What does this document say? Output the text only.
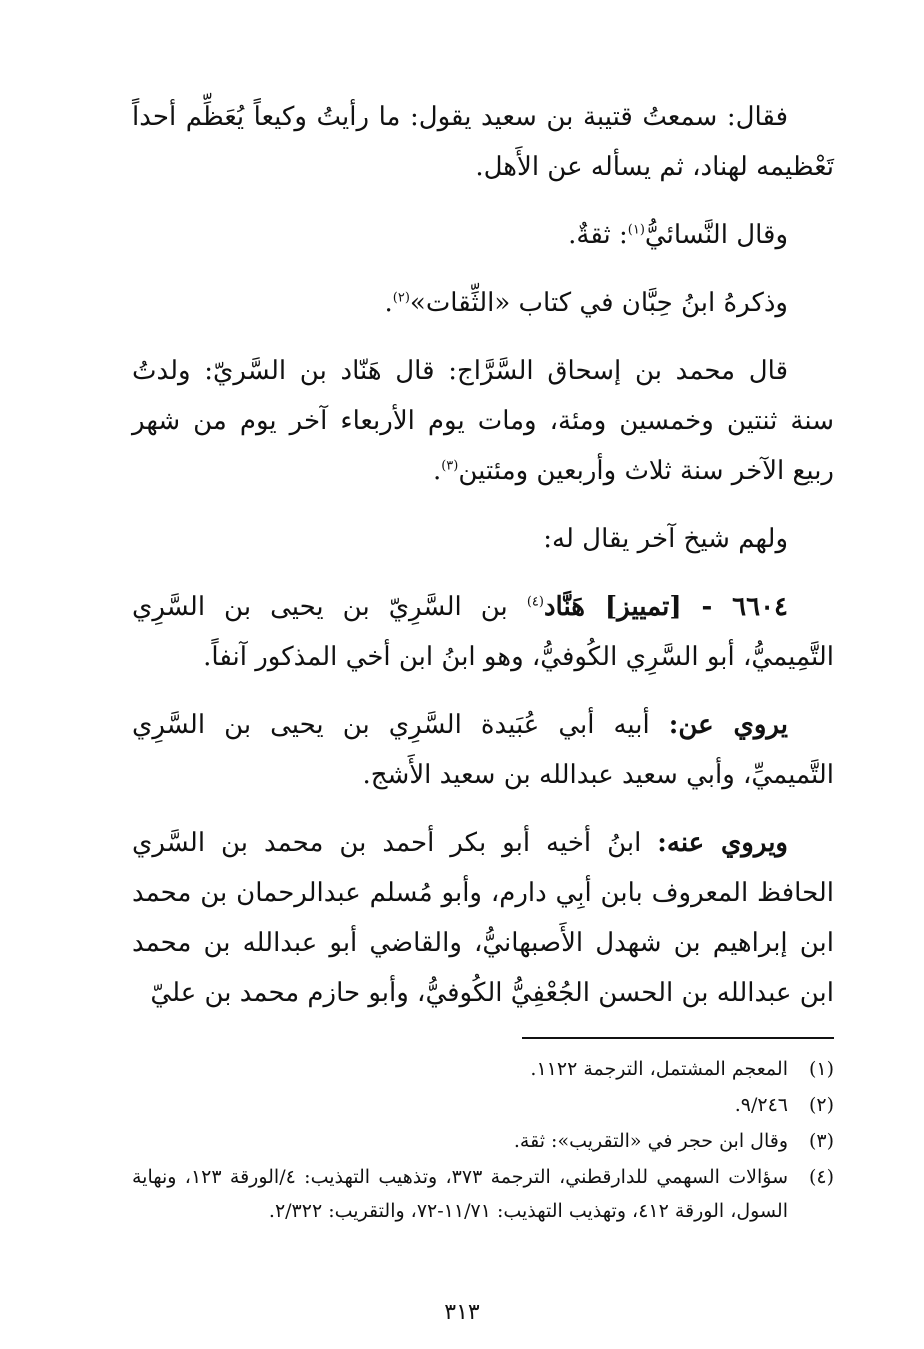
فقال: سمعتُ قتيبة بن سعيد يقول: ما رأيتُ وكيعاً يُعَظِّم أحداً تَعْظيمه لهناد، ثم يسأله عن الأَهل.

وقال النَّسائيُّ$^{(١)}$: ثقةٌ.

وذكرهُ ابنُ حِبَّان في كتاب «الثِّقات»$^{(٢)}$.

قال محمد بن إسحاق السَّرَّاج: قال هَنّاد بن السَّريّ: ولدتُ سنة ثنتين وخمسين ومئة، ومات يوم الأربعاء آخر يوم من شهر ربيع الآخر سنة ثلاث وأربعين ومئتين$^{(٣)}$.

ولهم شيخ آخر يقال له:

٦٦٠٤ - [تمييز] هَنَّاد$^{(٤)}$ بن السَّرِيّ بن يحيى بن السَّرِي التَّمِيميُّ، أبو السَّرِي الكُوفيُّ، وهو ابنُ ابن أخي المذكور آنفاً.

يروي عن: أبيه أبي عُبَيدة السَّرِي بن يحيى بن السَّرِي التَّميميِّ، وأبي سعيد عبدالله بن سعيد الأَشج.

ويروي عنه: ابنُ أخيه أبو بكر أحمد بن محمد بن السَّري الحافظ المعروف بابن أبِي دارم، وأبو مُسلم عبدالرحمان بن محمد ابن إبراهيم بن شهدل الأَصبهانيُّ، والقاضي أبو عبدالله بن محمد ابن عبدالله بن الحسن الجُعْفِيُّ الكُوفيُّ، وأبو حازم محمد بن عليّ

(١)
المعجم المشتمل، الترجمة ١١٢٢.
(٢)
٩/٢٤٦.
(٣)
وقال ابن حجر في «التقريب»: ثقة.
(٤)
سؤالات السهمي للدارقطني، الترجمة ٣٧٣، وتذهيب التهذيب: ٤/الورقة ١٢٣، ونهاية السول، الورقة ٤١٢، وتهذيب التهذيب: ١١/٧١-٧٢، والتقريب: ٢/٣٢٢.
٣١٣
